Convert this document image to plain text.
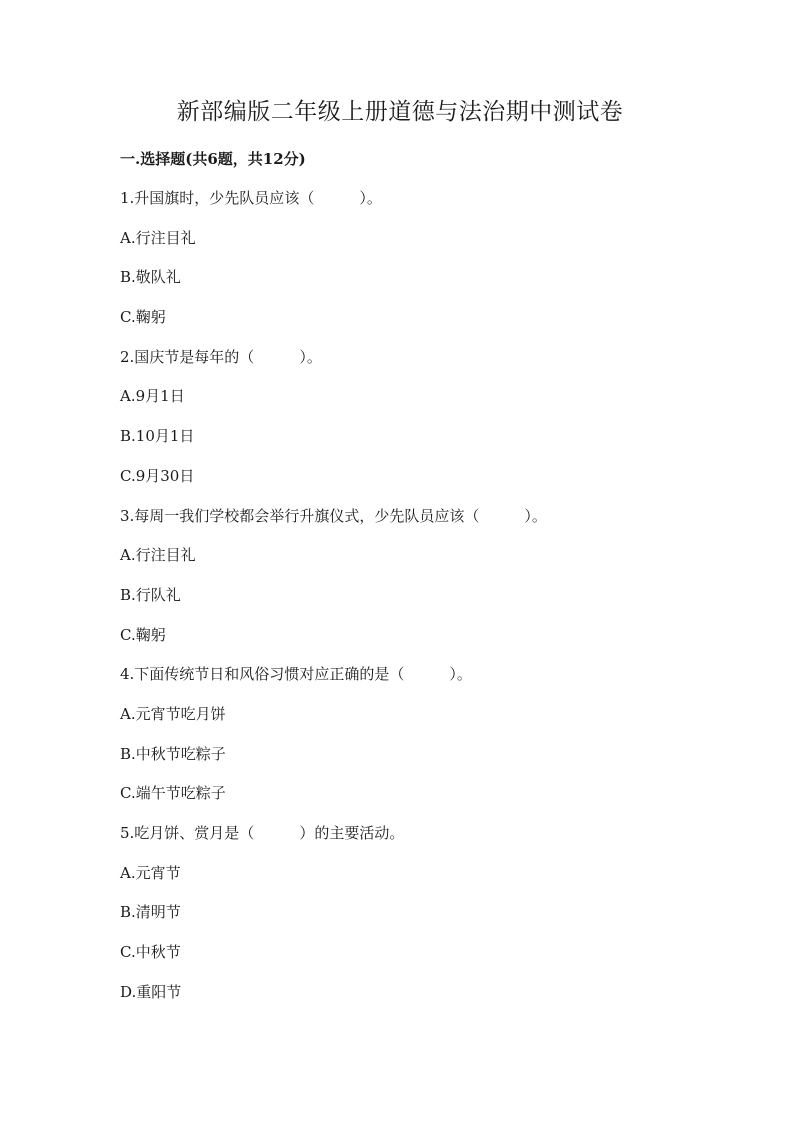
新部编版二年级上册道德与法治期中测试卷
一.选择题(共6题，共12分)
1.升国旗时，少先队员应该（　　　）。
A.行注目礼
B.敬队礼
C.鞠躬
2.国庆节是每年的（　　　）。
A.9月1日
B.10月1日
C.9月30日
3.每周一我们学校都会举行升旗仪式，少先队员应该（　　　）。
A.行注目礼
B.行队礼
C.鞠躬
4.下面传统节日和风俗习惯对应正确的是（　　　）。
A.元宵节吃月饼
B.中秋节吃粽子
C.端午节吃粽子
5.吃月饼、赏月是（　　　）的主要活动。
A.元宵节
B.清明节
C.中秋节
D.重阳节
